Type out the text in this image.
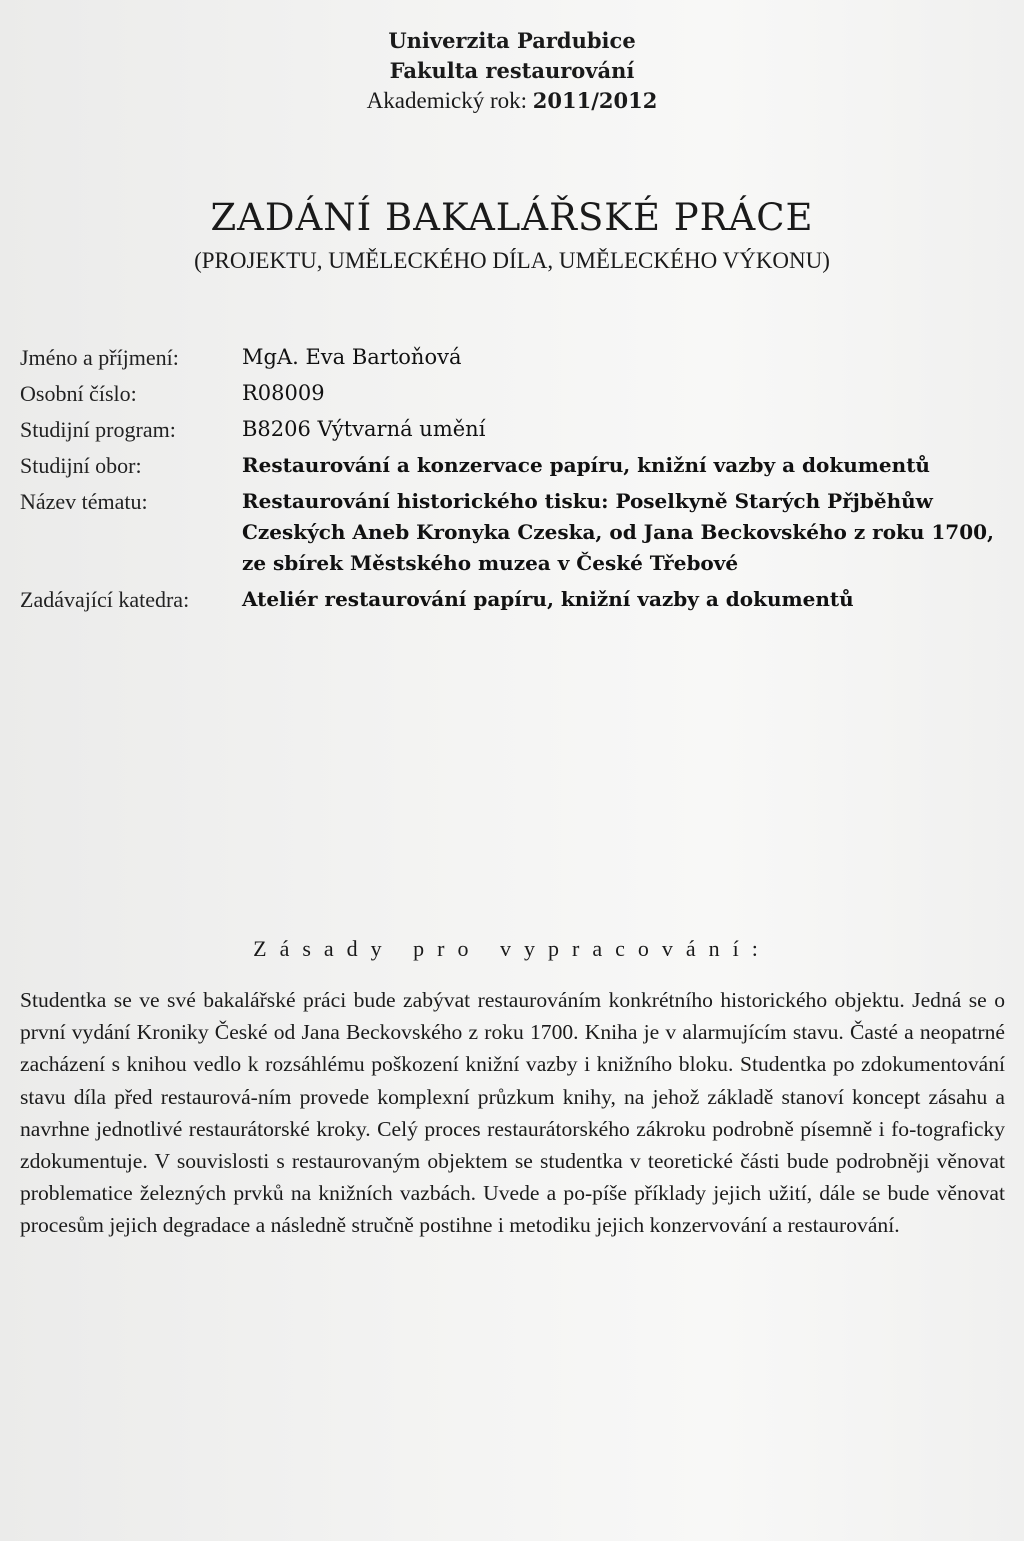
Univerzita Pardubice
Fakulta restaurování
Akademický rok: 2011/2012
ZADÁNÍ BAKALÁŘSKÉ PRÁCE
(PROJEKTU, UMĚLECKÉHO DÍLA, UMĚLECKÉHO VÝKONU)
Jméno a příjmení:	MgA. Eva Bartoňová
Osobní číslo:	R08009
Studijní program:	B8206 Výtvarná umění
Studijní obor:	Restaurování a konzervace papíru, knižní vazby a dokumentů
Název tématu:	Restaurování historického tisku: Poselkyně Starých Přjběhůw Czeských Aneb Kronyka Czeska, od Jana Beckovského z roku 1700, ze sbírek Městského muzea v České Třebové
Zadávající katedra:	Ateliér restaurování papíru, knižní vazby a dokumentů
Zásady pro vypracování:
Studentka se ve své bakalářské práci bude zabývat restaurováním konkrétního historického objektu. Jedná se o první vydání Kroniky České od Jana Beckovského z roku 1700. Kniha je v alarmujícím stavu. Časté a neopatrné zacházení s knihou vedlo k rozsáhlému poškození knižní vazby i knižního bloku. Studentka po zdokumentování stavu díla před restaurová-ním provede komplexní průzkum knihy, na jehož základě stanoví koncept zásahu a navrhne jednotlivé restaurátorské kroky. Celý proces restaurátorského zákroku podrobně písemně i fo-tograficky zdokumentuje. V souvislosti s restaurovaným objektem se studentka v teoretické části bude podrobněji věnovat problematice železných prvků na knižních vazbách. Uvede a po-píše příklady jejich užití, dále se bude věnovat procesům jejich degradace a následně stručně postihne i metodiku jejich konzervování a restaurování.
